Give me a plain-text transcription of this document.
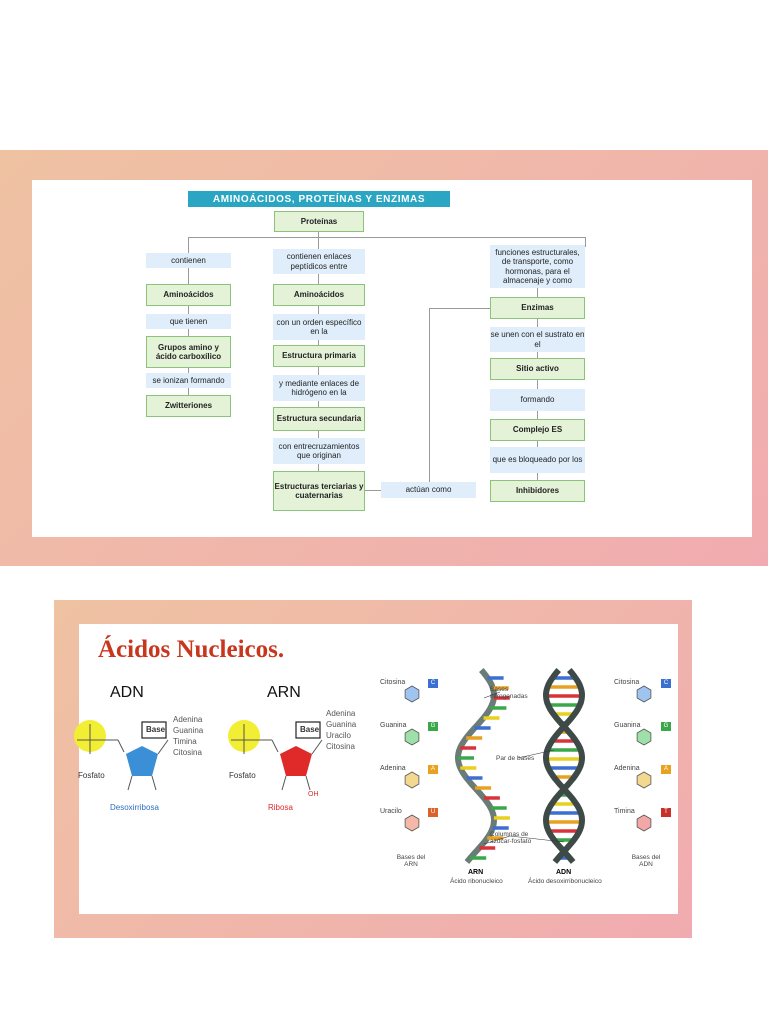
AMINOÁCIDOS, PROTEÍNAS Y ENZIMAS
Proteínas
contienen
Aminoácidos
que tienen
Grupos amino y ácido carboxílico
se ionizan formando
Zwitteriones
contienen enlaces peptídicos entre
Aminoácidos
con un orden específico en la
Estructura primaria
y mediante enlaces de hidrógeno en la
Estructura secundaria
con entrecruzamientos que originan
Estructuras terciarias y cuaternarias
actúan como
funciones estructurales, de transporte, como hormonas, para el almacenaje y como
Enzimas
se unen con el sustrato en el
Sitio activo
formando
Complejo ES
que es bloqueado por los
Inhibidores
Ácidos Nucleicos.
ADN
Base
Fosfato
Desoxirribosa
Adenina
Guanina
Timina
Citosina
ARN
Base
OH
Fosfato
Ribosa
Adenina
Guanina
Uracilo
Citosina
Citosina
Guanina
Adenina
Uracilo
C
G
A
U
Bases del ARN
Citosina
Guanina
Adenina
Timina
C
G
A
T
Bases del ADN
Bases nitrogenadas
Par de bases
Columnas de azúcar-fosfato
ARN
Ácido ribonucleico
ADN
Ácido desoxirribonucleico
